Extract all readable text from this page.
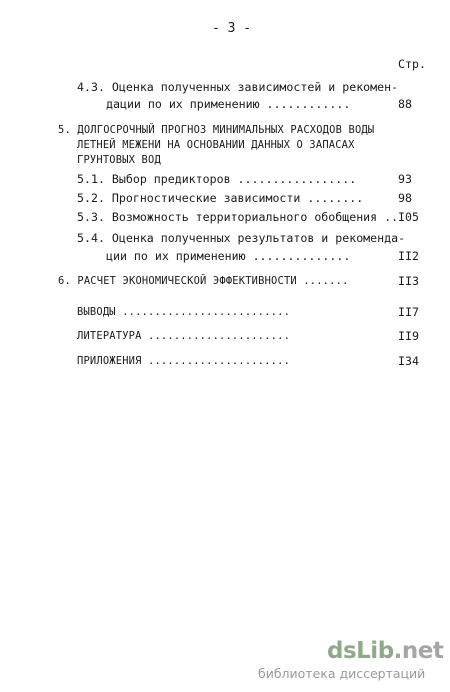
- 3 -
Стр.
4.3. Оценка полученных зависимостей и рекомен-
дации по их применению ............	88
5. ДОЛГОСРОЧНЫЙ ПРОГНОЗ МИНИМАЛЬНЫХ РАСХОДОВ ВОДЫ
ЛЕТНЕЙ МЕЖЕНИ НА ОСНОВАНИИ ДАННЫХ О ЗАПАСАХ
ГРУНТОВЫХ ВОД
5.1. Выбор предикторов .................	93
5.2. Прогностические зависимости ........	98
5.3. Возможность территориального обобщения .. I05
5.4. Оценка полученных результатов и рекоменда-
ции по их применению ..............	II2
6. РАСЧЕТ ЭКОНОМИЧЕСКОЙ ЭФФЕКТИВНОСТИ .......	II3
ВЫВОДЫ ..........................	II7
ЛИТЕРАТУРА ......................	II9
ПРИЛОЖЕНИЯ ......................	I34
dsLib.net
библиотека диссертаций
